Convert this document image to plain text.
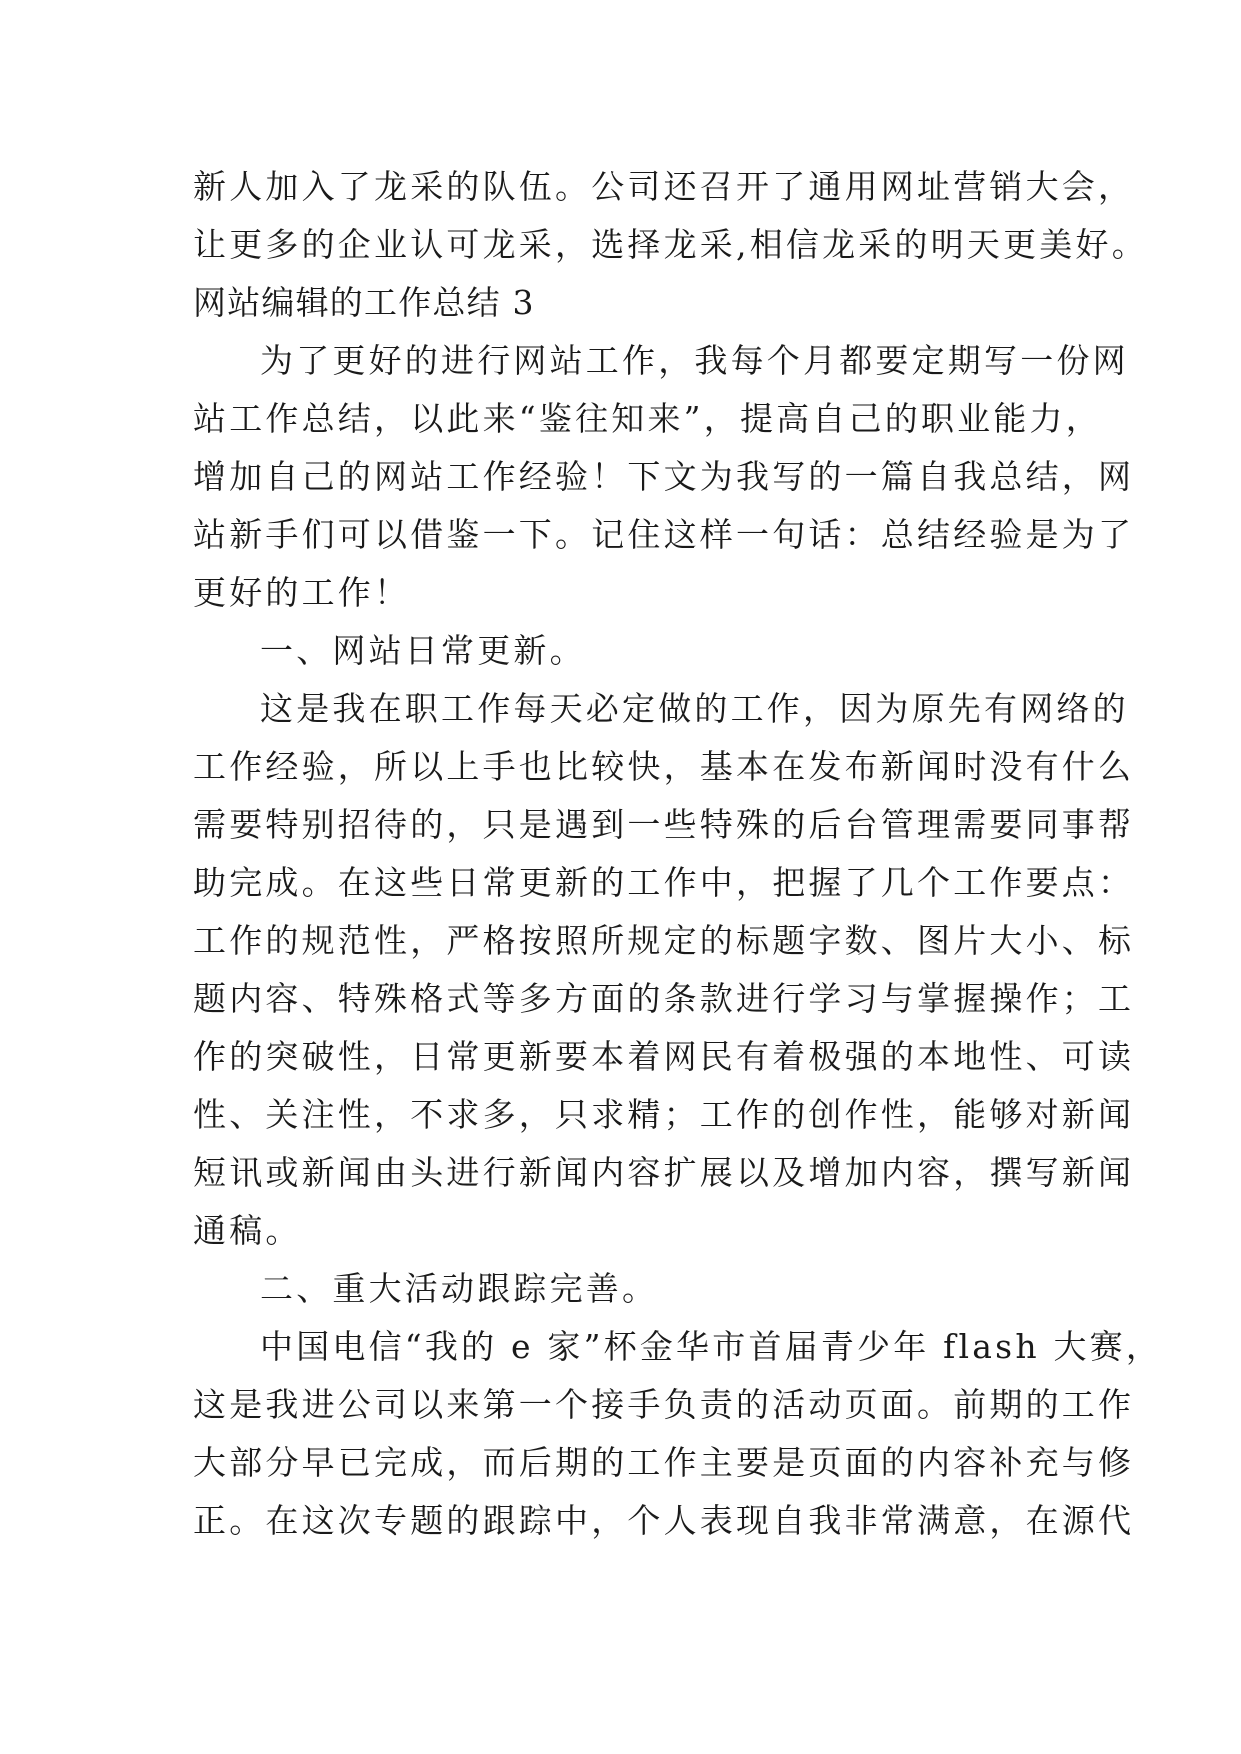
新人加入了龙采的队伍。公司还召开了通用网址营销大会，
让更多的企业认可龙采，选择龙采,相信龙采的明天更美好。
网站编辑的工作总结 3
为了更好的进行网站工作，我每个月都要定期写一份网
站工作总结，以此来“鉴往知来”，提高自己的职业能力，
增加自己的网站工作经验！下文为我写的一篇自我总结，网
站新手们可以借鉴一下。记住这样一句话：总结经验是为了
更好的工作！
一、网站日常更新。
这是我在职工作每天必定做的工作，因为原先有网络的
工作经验，所以上手也比较快，基本在发布新闻时没有什么
需要特别招待的，只是遇到一些特殊的后台管理需要同事帮
助完成。在这些日常更新的工作中，把握了几个工作要点：
工作的规范性，严格按照所规定的标题字数、图片大小、标
题内容、特殊格式等多方面的条款进行学习与掌握操作；工
作的突破性，日常更新要本着网民有着极强的本地性、可读
性、关注性，不求多，只求精；工作的创作性，能够对新闻
短讯或新闻由头进行新闻内容扩展以及增加内容，撰写新闻
通稿。
二、重大活动跟踪完善。
中国电信“我的 e 家”杯金华市首届青少年 flash 大赛，
这是我进公司以来第一个接手负责的活动页面。前期的工作
大部分早已完成，而后期的工作主要是页面的内容补充与修
正。在这次专题的跟踪中，个人表现自我非常满意，在源代
